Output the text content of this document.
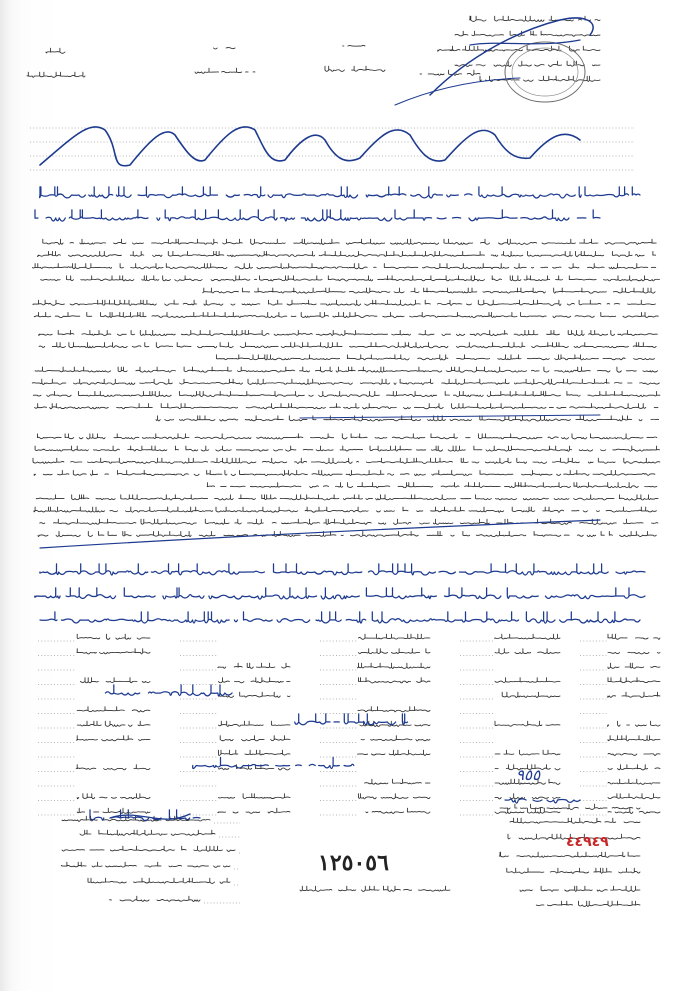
١٢٥٠٥٦
٤٤٩٤٩
٩٥٥
